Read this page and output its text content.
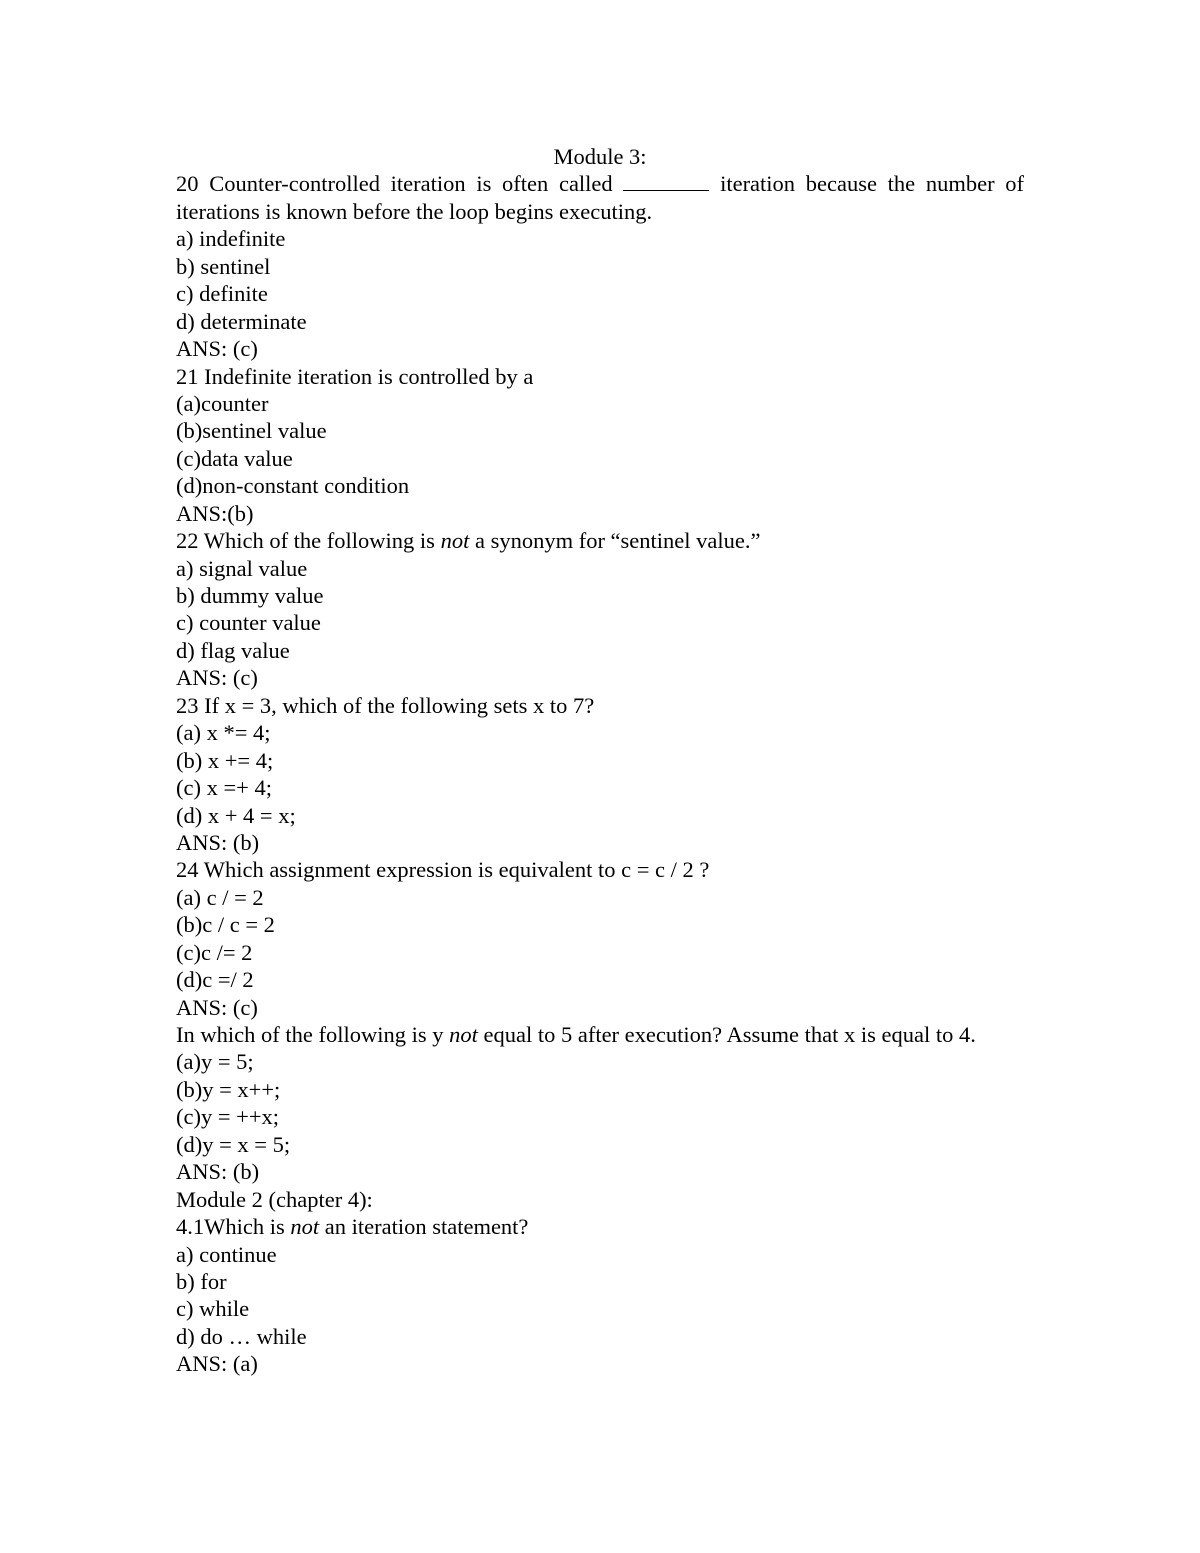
Module 3:
20 Counter-controlled iteration is often called	iteration because the number of iterations is known before the loop begins executing.
a) indefinite
b) sentinel
c) definite
d) determinate
ANS: (c)
21 Indefinite iteration is controlled by a
(a)counter
(b)sentinel value
(c)data value
(d)non-constant condition
ANS:(b)
22 Which of the following is not a synonym for “sentinel value.”
a) signal value
b) dummy value
c) counter value
d) flag value
ANS: (c)
23 If x = 3, which of the following sets x to 7?
(a) x *= 4;
(b) x += 4;
(c) x =+ 4;
(d) x + 4 = x;
ANS: (b)
24 Which assignment expression is equivalent to c = c / 2 ?
(a) c / = 2
(b)c / c = 2
(c)c /= 2
(d)c =/ 2
ANS: (c)
In which of the following is y not equal to 5 after execution? Assume that x is equal to 4.
(a)y = 5;
(b)y = x++;
(c)y = ++x;
(d)y = x = 5;
ANS: (b)
Module 2 (chapter 4):
4.1Which is not an iteration statement?
a) continue
b) for
c) while
d) do … while
ANS: (a)
